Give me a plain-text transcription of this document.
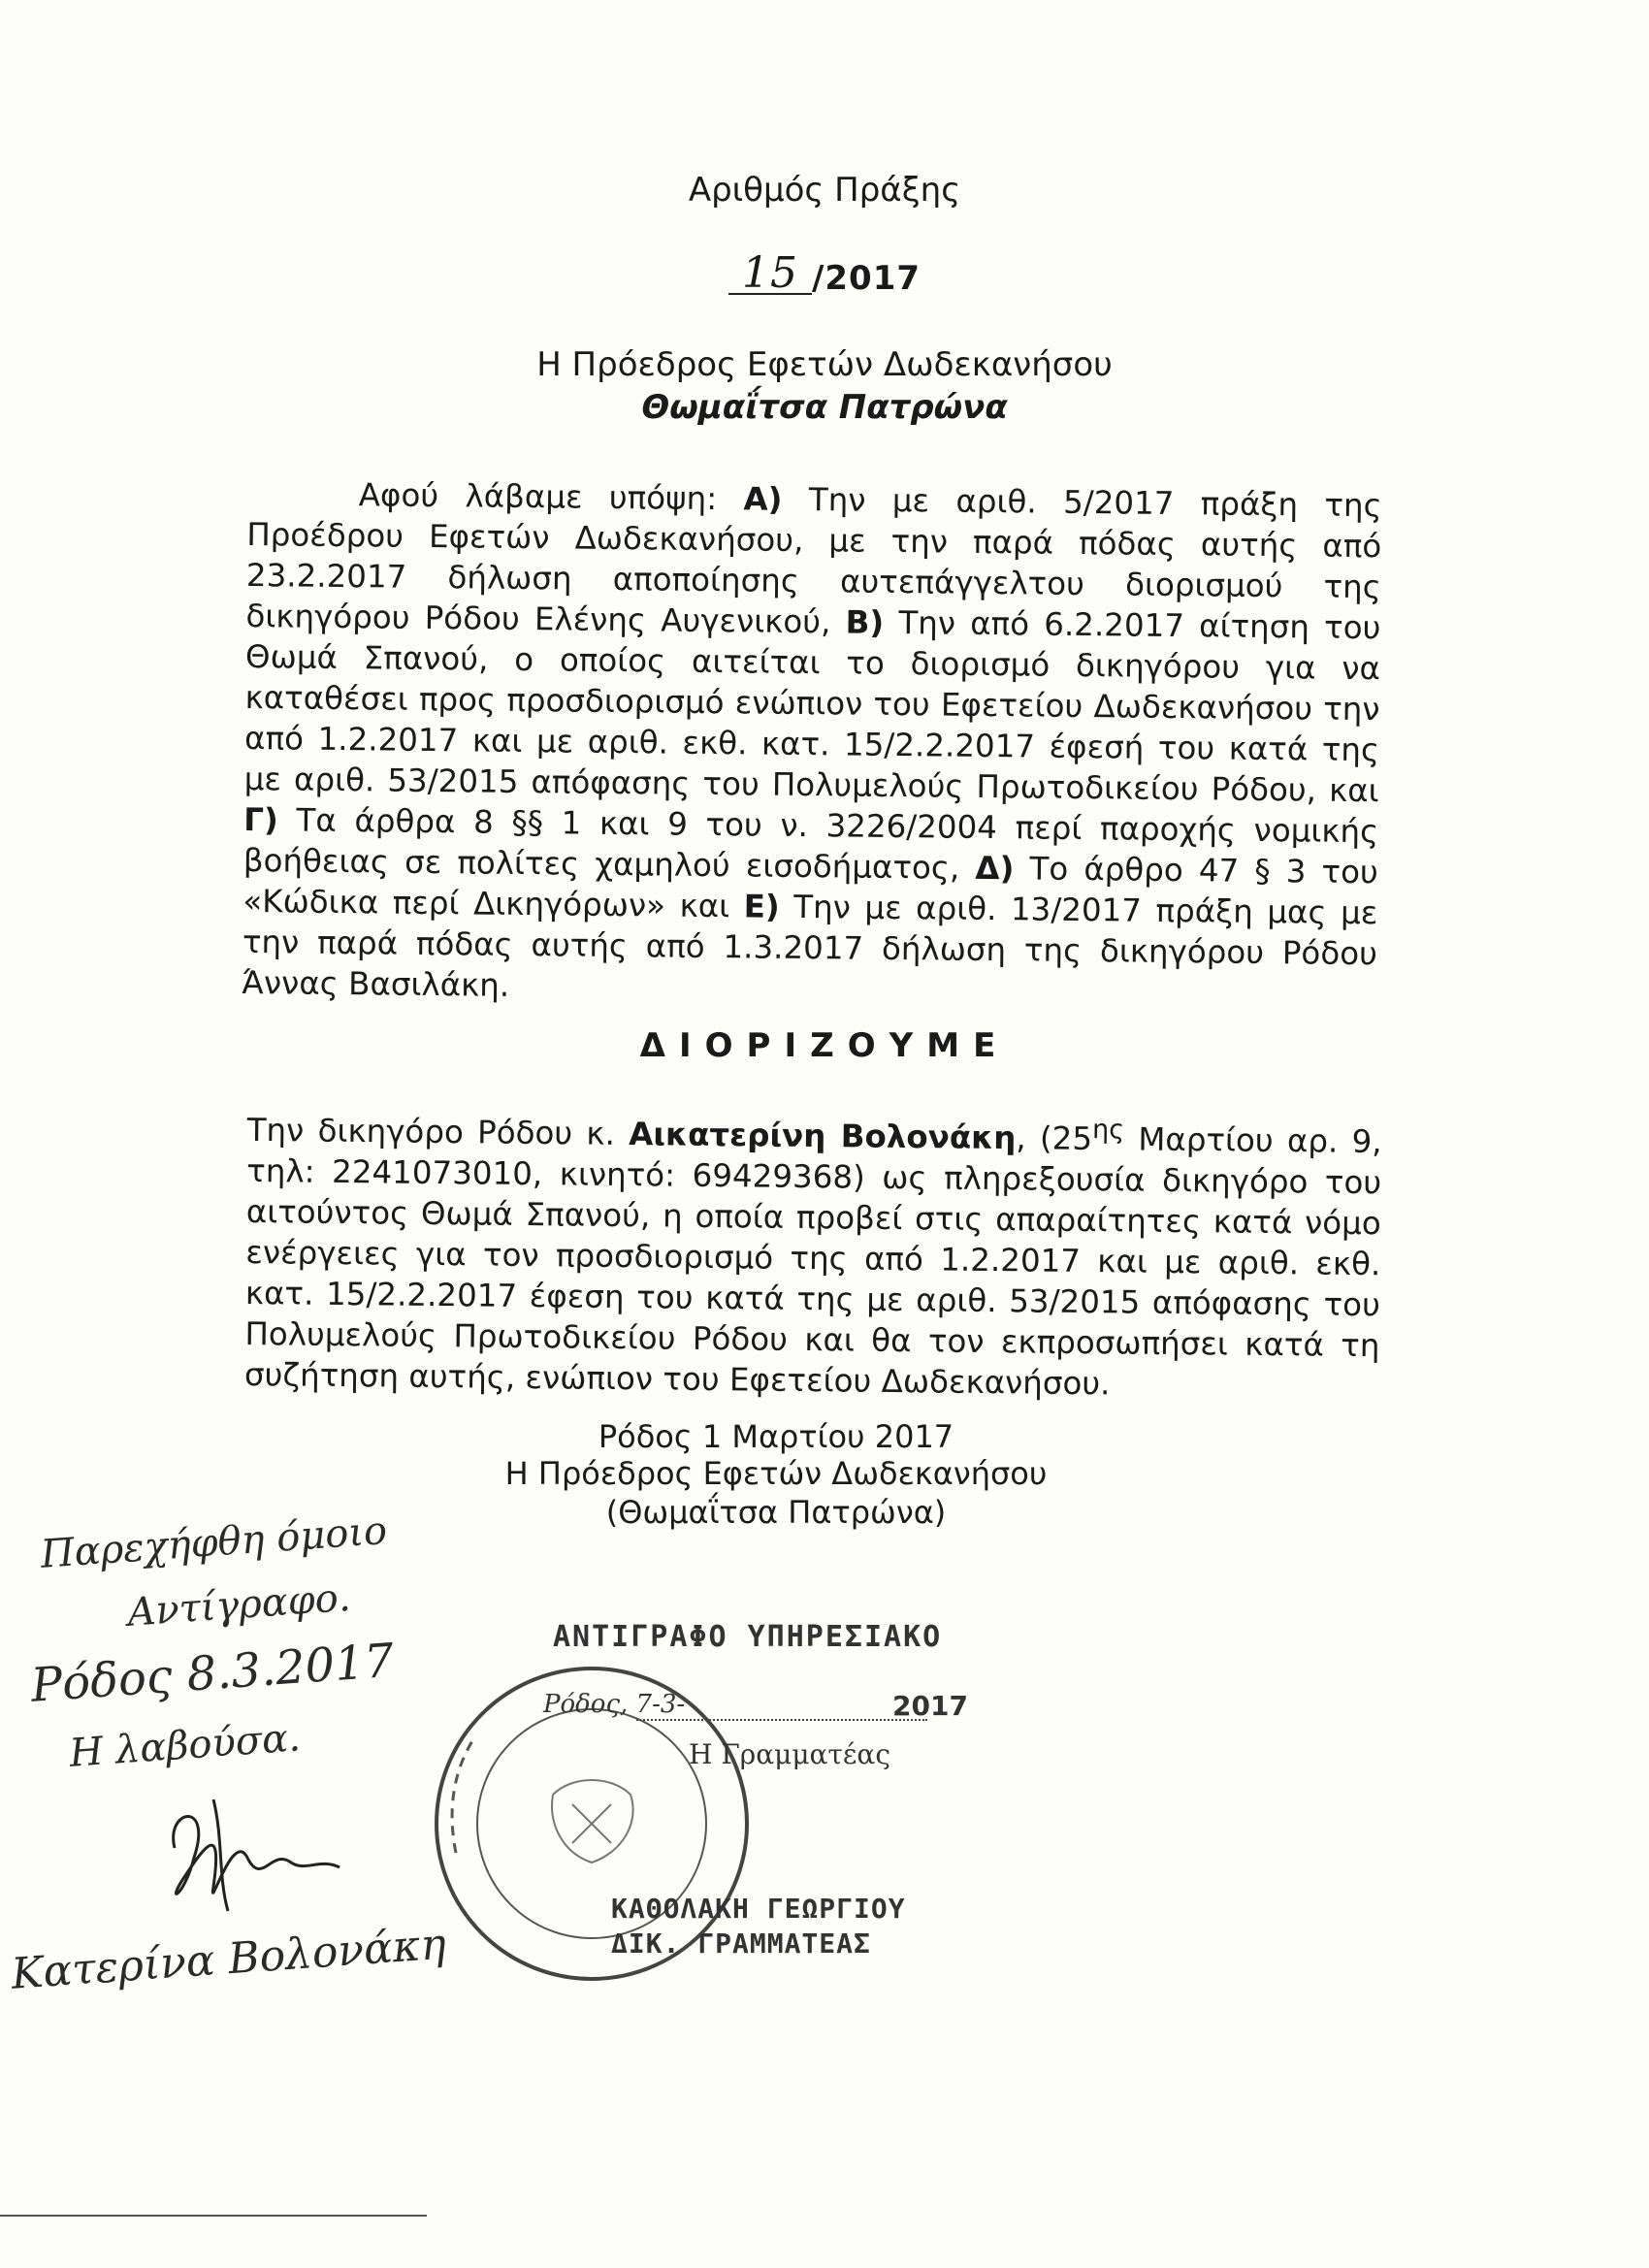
Αριθμός Πράξης
15 /2017
Η Πρόεδρος Εφετών Δωδεκανήσου
Θωμαΐτσα Πατρώνα
Αφού λάβαμε υπόψη: Α) Την με αριθ. 5/2017 πράξη της Προέδρου Εφετών Δωδεκανήσου, με την παρά πόδας αυτής από 23.2.2017 δήλωση αποποίησης αυτεπάγγελτου διορισμού της δικηγόρου Ρόδου Ελένης Αυγενικού, Β) Την από 6.2.2017 αίτηση του Θωμά Σπανού, ο οποίος αιτείται το διορισμό δικηγόρου για να καταθέσει προς προσδιορισμό ενώπιον του Εφετείου Δωδεκανήσου την από 1.2.2017 και με αριθ. εκθ. κατ. 15/2.2.2017 έφεσή του κατά της με αριθ. 53/2015 απόφασης του Πολυμελούς Πρωτοδικείου Ρόδου, και Γ) Τα άρθρα 8 §§ 1 και 9 του ν. 3226/2004 περί παροχής νομικής βοήθειας σε πολίτες χαμηλού εισοδήματος, Δ) Το άρθρο 47 § 3 του «Κώδικα περί Δικηγόρων» και Ε) Την με αριθ. 13/2017 πράξη μας με την παρά πόδας αυτής από 1.3.2017 δήλωση της δικηγόρου Ρόδου Άννας Βασιλάκη.
ΔΙΟΡΙΖΟΥΜΕ
Την δικηγόρο Ρόδου κ. Αικατερίνη Βολονάκη, ($25^{\eta\varsigma}$ Μαρτίου αρ. 9, τηλ: 2241073010, κινητό: 69429368) ως πληρεξουσία δικηγόρο του αιτούντος Θωμά Σπανού, η οποία προβεί στις απαραίτητες κατά νόμο ενέργειες για τον προσδιορισμό της από 1.2.2017 και με αριθ. εκθ. κατ. 15/2.2.2017 έφεση του κατά της με αριθ. 53/2015 απόφασης του Πολυμελούς Πρωτοδικείου Ρόδου και θα τον εκπροσωπήσει κατά τη συζήτηση αυτής, ενώπιον του Εφετείου Δωδεκανήσου.
Ρόδος 1 Μαρτίου 2017
Η Πρόεδρος Εφετών Δωδεκανήσου
(Θωμαΐτσα Πατρώνα)
Παρεχήφθη όμοιο
Αντίγραφο.
Ρόδος 8.3.2017
Η λαβούσα.
Κατερίνα Βολονάκη
ΑΝΤΙΓΡΑΦΟ ΥΠΗΡΕΣΙΑΚΟ
Ρόδος, 7-3-	2017
Η Γραμματέας
ΚΑΘΟΛΑΚΗ ΓΕΩΡΓΙΟΥ
ΔΙΚ. ΓΡΑΜΜΑΤΕΑΣ
